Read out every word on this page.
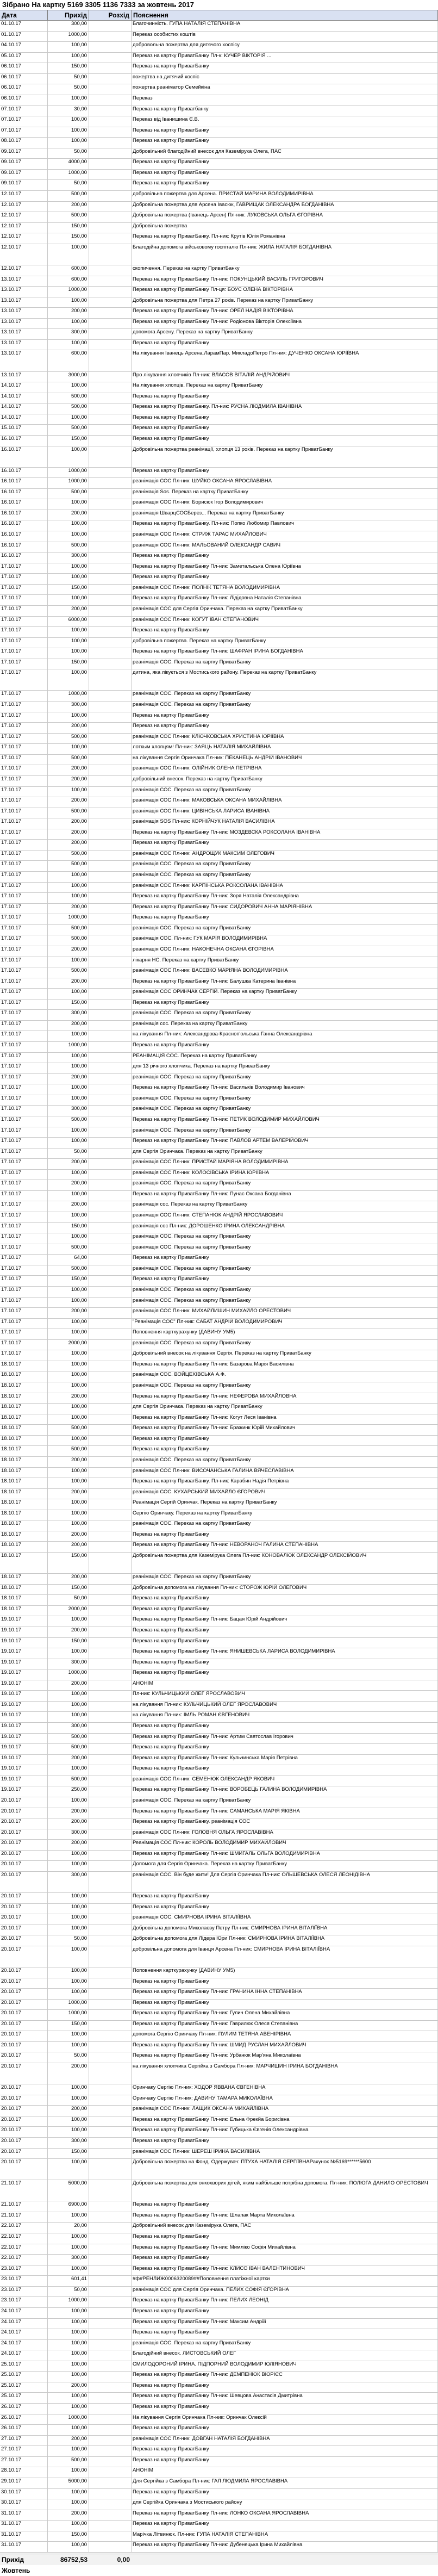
Зібрано На картку 5169 3305 1136 7333 за жовтень 2017
Дата	Прихід	Розхід Пояснення
01.10.17	300,00	Благочинність. ГУПА НАТАЛІЯ СТЕПАНІВНА
01.10.17	1000,00	Переказ особистих коштів
04.10.17	100,00	добровольна пожертва для дитячого хоспісу
05.10.17	100,00	Переказ на картку ПриватБанку Пл-к: КУЧЕР ВІКТОРІЯ ...
06.10.17	150,00	Переказ на картку ПриватБанку
06.10.17	50,00	пожертва на дитячий хоспіс
06.10.17	50,00	пожертва реаніматор Семейкіна
06.10.17	100,00	Переказ
07.10.17	30,00	Переказ на картку Приватбанку
07.10.17	100,00	Переказ від Іванишина Є.В.
07.10.17	100,00	Переказ на картку ПриватБанку
08.10.17	100,00	Переказ на картку ПриватБанку
09.10.17	50,00	Добровільний благодійний внесок для Каземірука Олега, ПАС
09.10.17	4000,00	Переказ на картку ПриватБанку
09.10.17	1000,00	Переказ на картку ПриватБанку
09.10.17	50,00	Переказ на картку ПриватБанку
12.10.17	500,00	добровільна пожертва для Арсена. ПРИСТАЙ МАРИНА ВОЛОДИМИРІВНА
12.10.17	200,00	Добровільна пожертва для Арсена Івасюк, ГАВРИЩАК ОЛЕКСАНДРА БОГДАНІВНА
12.10.17	500,00	Добровільна пожертва (Іванець Арсен) Пл-ник: ЛУКОВСЬКА ОЛЬГА ЄГОРІВНА
12.10.17	150,00	Добровільна пожертва
12.10.17	150,00	Переказ на картку ПриватБанку. Пл-ник: Крутів Юлія Романівна
12.10.17	100,00	Благодійна допомога військовому госпіталю Пл-ник: ЖИЛА НАТАЛІЯ БОГДАНІВНА
12.10.17	600,00	скопичення. Переказ на картку ПриватБанку
13.10.17	600,00	Переказ на картку ПриватБанку Пл-ник: ПОКУНЦЬКИЙ ВАСИЛЬ ГРИГОРОВИЧ
13.10.17	1000,00	Переказ на картку ПриватБанку Пл-ця: БОУС ОЛЕНА ВІКТОРІВНА
13.10.17	100,00	Добровільна пожертва для Петра 27 років. Переказ на картку ПриватБанку
13.10.17	200,00	Переказ на картку ПриватБанку Пл-ник: ОРЕЛ НАДІЯ ВІКТОРІВНА
13.10.17	100,00	Переказ на картку ПриватБанку Пл-ник: Родіонова Вікторія Олексіївна
13.10.17	300,00	допомога Арсену. Переказ на картку ПриватБанку
13.10.17	100,00	Переказ на картку ПриватБанку
13.10.17	600,00	На лікування Іванець Арсена.ЛарамПар. МикладоПетро Пл-ник: ДУЧЕНКО ОКСАНА ЮРІЇВНА
13.10.17	3000,00	Про лікування хлопчиків Пл-ник: ВЛАСОВ ВІТАЛІЙ АНДРІЙОВИЧ
14.10.17	100,00	На лікування хлопців. Переказ на картку ПриватБанку
14.10.17	500,00	Переказ на картку ПриватБанку
14.10.17	500,00	Переказ на картку ПриватБанку. Пл-ник: РУСНА ЛЮДМИЛА ІВАНІВНА
14.10.17	100,00	Переказ на картку ПриватБанку
15.10.17	500,00	Переказ на картку ПриватБанку
16.10.17	150,00	Переказ на картку ПриватБанку
16.10.17	100,00	Добровільна пожертва реанімації, хлопця 13 років. Переказ на картку ПриватБанку
16.10.17	1000,00	Переказ на картку ПриватБанку
16.10.17	1000,00	реанімація СОС Пл-ник: ШУЙКО ОКСАНА ЯРОСЛАВІВНА
16.10.17	500,00	реанімація Sos. Переказ на картку ПриватБанку
16.10.17	100,00	реанімація СОС Пл-ник: Борисюк Ігор Володимирович
16.10.17	200,00	реанімація ШварцСОСБерез... Переказ на картку ПриватБанку
16.10.17	100,00	Переказ на картку ПриватБанку. Пл-ник: Попко Любомир Павлович
16.10.17	100,00	реанімація СОС Пл-ник: СТРИЖ ТАРАС МИХАЙЛОВИЧ
16.10.17	500,00	реанімація СОС Пл-ник: МАЛЬОВАНИЙ ОЛЕКСАНДР САВИЧ
16.10.17	300,00	Переказ на картку ПриватБанку
17.10.17	100,00	Переказ на картку ПриватБанку Пл-ник: Заметальська Олена Юріївна
17.10.17	100,00	Переказ на картку ПриватБанку
17.10.17	150,00	реанімація СОС Пл-ник: ПОЛНІК ТЕТЯНА ВОЛОДИМИРІВНА
17.10.17	100,00	Переказ на картку ПриватБанку Пл-ник: Лідідовна Наталія Степанівна
17.10.17	200,00	реанімація СОС для Сергія Оринчака. Переказ на картку ПриватБанку
17.10.17	6000,00	реанімація СОС Пл-ник: КОГУТ ІВАН СТЕПАНОВИЧ
17.10.17	100,00	Переказ на картку ПриватБанку
17.10.17	100,00	добровільна пожертва. Переказ на картку ПриватБанку
17.10.17	100,00	Переказ на картку ПриватБанку Пл-ник: ШАФРАН ІРИНА БОГДАНІВНА
17.10.17	150,00	реанімація СОС. Переказ на картку ПриватБанку
17.10.17	100,00	дитина, яка лікується з Мостиського району. Переказ на картку ПриватБанку
17.10.17	1000,00	реанімація СОС. Переказ на картку ПриватБанку
17.10.17	300,00	реанімація СОС. Переказ на картку ПриватБанку
17.10.17	100,00	Переказ на картку ПриватБанку
17.10.17	200,00	Переказ на картку ПриватБанку
17.10.17	500,00	реанімація СОС Пл-ник: КЛЮЧКОВСЬКА ХРИСТИНА ЮРІЇВНА
17.10.17	100,00	лоткым хлопцям! Пл-ник: ЗАЯЦЬ НАТАЛІЯ МИХАЙЛІВНА
17.10.17	500,00	на лікування Сергія Оринчака Пл-ник: ПЕКАНЕЦЬ АНДРІЙ ІВАНОВИЧ
17.10.17	200,00	реанімація СОС Пл-ник: ОЛІЙНИК ОЛЕНА ПЕТРІВНА
17.10.17	200,00	добровільний внесок. Переказ на картку ПриватБанку
17.10.17	100,00	реанімація СОС. Переказ на картку ПриватБанку
17.10.17	200,00	реанімація СОС Пл-ник: МАКОВСЬКА ОКСАНА МИХАЙЛІВНА
17.10.17	500,00	реанімація СОС Пл-ник: ЦИВІНСЬКА ЛАРИСА ІВАНІВНА
17.10.17	200,00	реанімація SOS Пл-ник: КОРНІЙЧУК НАТАЛІЯ ВАСИЛІВНА
17.10.17	200,00	Переказ на картку ПриватБанку Пл-ник: МОЗДЕВСКА РОКСОЛАНА ІВАНІВНА
17.10.17	200,00	Переказ на картку ПриватБанку
17.10.17	500,00	реанімація СОС Пл-ник: АНДРОЩУК МАКСИМ ОЛЕГОВИЧ
17.10.17	500,00	реанімація СОС. Переказ на картку ПриватБанку
17.10.17	100,00	реанімація СОС. Переказ на картку ПриватБанку
17.10.17	100,00	реанімація СОС Пл-ник: КАРПІНСЬКА РОКСОЛАНА ІВАНІВНА
17.10.17	100,00	Переказ на картку ПриватБанку Пл-ник: Зоря Наталія Олександрівна
17.10.17	200,00	Переказ на картку ПриватБанку Пл-ник: СИДОРОВИЧ АННА МАРІЯНІВНА
17.10.17	1000,00	Переказ на картку ПриватБанку
17.10.17	500,00	реанімація СОС. Переказ на картку ПриватБанку
17.10.17	500,00	реанімація СОС. Пл-ник: ГУК МАРІЯ ВОЛОДИМИРІВНА
17.10.17	200,00	реанімація СОС Пл-ник: НАКОНЕЧНА ОКСАНА ЄГОРІВНА
17.10.17	100,00	лікарня НС. Переказ на картку ПриватБанку
17.10.17	500,00	реанімація СОС Пл-ник: ВАСЕВКО МАРІЯНА ВОЛОДИМИРІВНА
17.10.17	200,00	Переказ на картку ПриватБанку Пл-ник: Балушка Катерина Іванівна
17.10.17	100,00	реанімація СОС ОРИНЧАК СЕРГІЙ. Переказ на картку ПриватБанку
17.10.17	150,00	Переказ на картку ПриватБанку
17.10.17	300,00	реанімація СОС. Переказ на картку ПриватБанку
17.10.17	200,00	реанімація сос. Переказ на картку ПриватБанку
17.10.17	100,00	на лікування Пл-ник: Александрова-Красноп'ольська Ганна Олександрівна
17.10.17	1000,00	Переказ на картку ПриватБанку
17.10.17	100,00	РЕАНІМАЦІЯ СОС. Переказ на картку ПриватБанку
17.10.17	100,00	для 13 річного хлопчика. Переказ на картку ПриватБанку
17.10.17	200,00	реанімація СОС. Переказ на картку ПриватБанку
17.10.17	100,00	Переказ на картку ПриватБанку Пл-ник: Васильків Володимир Іванович
17.10.17	100,00	реанімація СОС. Переказ на картку ПриватБанку
17.10.17	300,00	реанімація СОС. Переказ на картку ПриватБанку
17.10.17	500,00	Переказ на картку ПриватБанку Пл-ник: ПЕТИК ВОЛОДИМИР МИХАЙЛОВИЧ
17.10.17	100,00	реанімація СОС. Переказ на картку ПриватБанку
17.10.17	100,00	Переказ на картку ПриватБанку Пл-ник: ПАВЛОВ АРТЕМ ВАЛЕРІЙОВИЧ
17.10.17	50,00	для Сергія Оринчака. Переказ на картку ПриватБанку
17.10.17	200,00	реанімація СОС Пл-ник: ПРИСТАЙ МАРІЯНА ВОЛОДИМИРІВНА
17.10.17	100,00	реанімація СОС Пл-ник: КОЛОСІВСЬКА ІРИНА ЮРІЇВНА
17.10.17	200,00	реанімація СОС. Переказ на картку ПриватБанку
17.10.17	100,00	Переказ на картку ПриватБанку Пл-ник: Пунас Оксана Богданівна
17.10.17	200,00	реанімація сос. Переказ на картку ПриватБанку
17.10.17	100,00	реанімація СОС Пл-ник: СТЕПАНЮК АНДРІЙ ЯРОСЛАВОВИЧ
17.10.17	150,00	реанімація сос Пл-ник: ДОРОШЕНКО ІРИНА ОЛЕКСАНДРІВНА
17.10.17	100,00	реанімація СОС. Переказ на картку ПриватБанку
17.10.17	500,00	реанімація СОС. Переказ на картку ПриватБанку
17.10.17	64,00	Переказ на картку ПриватБанку
17.10.17	500,00	реанімація СОС. Переказ на картку ПриватБанку
17.10.17	150,00	Переказ на картку ПриватБанку
17.10.17	100,00	реанімація СОС. Переказ на картку ПриватБанку
17.10.17	100,00	реанімація СОС. Переказ на картку ПриватБанку
17.10.17	200,00	реанімація СОС Пл-ник: МИХАЙЛИШИН МИХАЙЛО ОРЕСТОВИЧ
17.10.17	100,00	"Реанімація СОС" Пл-ник: САБАТ АНДРІЙ ВОЛОДИМИРОВИЧ
17.10.17	100,00	Поповнення карткурахунку (ДАВИНУ УМ5)
17.10.17	2000,00	реанімація СОС. Переказ на картку ПриватБанку
17.10.17	100,00	Добровільний внесок на лікування Сергія. Переказ на картку ПриватБанку
18.10.17	100,00	Переказ на картку ПриватБанку Пл-ник: Базарова Марія Василівна
18.10.17	100,00	реанімація СОС. ВОЙЦЕХІВСЬКА А.Ф.
18.10.17	100,00	реанімація СОС. Переказ на картку ПриватБанку
18.10.17	200,00	Переказ на картку ПриватБанку Пл-ник: НЕФЕРОВА МИХАЙЛОВНА
18.10.17	100,00	для Сергія Оринчака. Переказ на картку ПриватБанку
18.10.17	100,00	Переказ на картку ПриватБанку Пл-ник: Когут Леся Іванівна
18.10.17	500,00	Переказ на картку ПриватБанку Пл-ник: Бражинк Юрій Михайлович
18.10.17	100,00	Переказ на картку ПриватБанку
18.10.17	500,00	Переказ на картку ПриватБанку
18.10.17	200,00	реанімація СОС. Переказ на картку ПриватБанку
18.10.17	100,00	реанімація СОС Пл-ник: ВИСОЧАНСЬКА ГАЛИНА ВЯЧЕСЛАВІВНА
18.10.17	100,00	Переказ на картку ПриватБанку. Пл-ник: Карабин Надія Петрівна
18.10.17	200,00	реанімація СОС. КУХАРСЬКИЙ МИХАЙЛО ЄГОРОВИЧ
18.10.17	100,00	Реанімація Сергій Оринчак. Переказ на картку ПриватБанку
18.10.17	100,00	Сергію Оринчаку. Переказ на картку ПриватБанку
18.10.17	100,00	реанімація СОС. Переказ на картку ПриватБанку
18.10.17	200,00	Переказ на картку ПриватБанку
18.10.17	200,00	Переказ на картку ПриватБанку Пл-ник: НЕВОРАНОЧ ГАЛИНА СТЕПАНІВНА
18.10.17	150,00	Добровільна пожертва для Каземірука Олега Пл-ник: КОНОВАЛЮК ОЛЕКСАНДР ОЛЕКСІЙОВИЧ
18.10.17	200,00	реанімація СОС. Переказ на картку ПриватБанку
18.10.17	150,00	Добровільна допомога на лікування Пл-ник: СТОРОЖ ЮРІЙ ОЛЕГОВИЧ
18.10.17	50,00	Переказ на картку ПриватБанку
18.10.17	2000,00	Переказ на картку ПриватБанку
19.10.17	100,00	Переказ на картку ПриватБанку Пл-ник: Бацая Юрій Андрійович
19.10.17	200,00	Переказ на картку ПриватБанку
19.10.17	150,00	Переказ на картку ПриватБанку
19.10.17	100,00	Переказ на картку ПриватБанку Пл-ник: ЯНИШЕВСЬКА ЛАРИСА ВОЛОДИМИРІВНА
19.10.17	300,00	Переказ на картку ПриватБанку
19.10.17	1000,00	Переказ на картку ПриватБанку
19.10.17	200,00	АНОНІМ
19.10.17	100,00	Пл-ник: КУЛЬЧИЦЬКИЙ ОЛЕГ ЯРОСЛАВОВИЧ
19.10.17	100,00	на лікування Пл-ник: КУЛЬЧИЦЬКИЙ ОЛЕГ ЯРОСЛАВОВИЧ
19.10.17	100,00	на лікування Пл-ник: ІМЛЬ РОМАН ЄВГЕНОВИЧ
19.10.17	300,00	Переказ на картку ПриватБанку
19.10.17	500,00	Переказ на картку ПриватБанку Пл-ник: Артим Святослав Ігорович
19.10.17	500,00	Переказ на картку ПриватБанку
19.10.17	200,00	Переказ на картку ПриватБанку Пл-ник: Кульчинська Марія Петрівна
19.10.17	100,00	Переказ на картку ПриватБанку
19.10.17	500,00	реанімація СОС Пл-ник: СЕМЕНЮК ОЛЕКСАНДР ЯКОВИЧ
19.10.17	250,00	Переказ на картку ПриватБанку Пл-ник: ВОРОБЕЦЬ ГАЛИНА ВОЛОДИМИРІВНА
20.10.17	100,00	реанімація СОС. Переказ на картку ПриватБанку
20.10.17	200,00	Переказ на картку ПриватБанку Пл-ник: САМАНСЬКА МАРІЯ ЯКІВНА
20.10.17	200,00	Переказ на картку ПриватБанку. реанімація СОС
20.10.17	300,00	реанімація СОС Пл-ник: ГОЛОВНЯ ОЛЬГА ЯРОСЛАВІВНА
20.10.17	200,00	Реанімація СОС Пл-ник: КОРОЛЬ ВОЛОДИМИР МИХАЙЛОВИЧ
20.10.17	100,00	Переказ на картку ПриватБанку Пл-ник: ШМИГАЛЬ ОЛЬГА ВОЛОДИМИРІВНА
20.10.17	100,00	Допомога для Сергія Оринчака. Переказ на картку ПриватБанку
20.10.17	300,00	реанімація СОС. Він буде жити! Для Сергія Оринчака Пл-ник: ОЛЬШЕВСЬКА ОЛЕСЯ ЛЕОНІДІВНА
20.10.17	100,00	Переказ на картку ПриватБанку
20.10.17	100,00	Переказ на картку ПриватБанку
20.10.17	100,00	реанімація СОС. СМИРНОВА ІРИНА ВІТАЛІЇВНА
20.10.17	100,00	Добровільна допомога Миколаєву Петру Пл-ник: СМИРНОВА ІРИНА ВІТАЛІЇВНА
20.10.17	50,00	Добровільна допомога для Лідера Юри Пл-ник: СМИРНОВА ІРИНА ВІТАЛІЇВНА
20.10.17	100,00	добровільна допомога для Іванця Арсена Пл-ник: СМИРНОВА ІРИНА ВІТАЛІЇВНА
20.10.17	100,00	Поповнення карткурахунку (ДАВИНУ УМ5)
20.10.17	100,00	Переказ на картку ПриватБанку
20.10.17	100,00	Переказ на картку ПриватБанку Пл-ник: ГРАНИНА ІННА СТЕПАНІВНА
20.10.17	1000,00	Переказ на картку ПриватБанку
20.10.17	1000,00	Переказ на картку ПриватБанку Пл-ник: Гулич Олена Михайлівна
20.10.17	150,00	Переказ на картку ПриватБанку Пл-ник: Гаврилюк Олеся Степанівна
20.10.17	100,00	допомога Сергію Оринчаку Пл-ник: ПУЛИМ ТЕТЯНА АВЕНІРІВНА
20.10.17	100,00	Переказ на картку ПриватБанку Пл-ник: ШМИД РУСЛАН МИХАЙЛОВИЧ
20.10.17	50,00	Переказ на картку ПриватБанку Пл-ник: Урбанюк Мар'яна Миколаївна
20.10.17	200,00	на лікування хлопчика Сергійка з Самбора Пл-ник: МАРЧИШИН ІРИНА БОГДАНІВНА
20.10.17	100,00	Оринчаку Сергію Пл-ник: ХОДОР ЯВВАНА ЄВГЕНІВНА
20.10.17	100,00	Оринчаку Сергію Пл-ник: ДАВИНУ ТАМАРА МИКОЛАЇВНА
20.10.17	200,00	реанімація СОС Пл-ник: ЛАЩИК ОКСАНА МИХАЙЛІВНА
20.10.17	100,00	Переказ на картку ПриватБанку Пл-ник: Ельна Фрекйа Борисівна
20.10.17	100,00	Переказ на картку ПриватБанку Пл-ник: Губицька Євгенія Олександрівна
20.10.17	300,00	Переказ на картку ПриватБанку
20.10.17	150,00	реанімація СОС Пл-ник: ШЕРЕШ ІРИНА ВАСИЛІВНА
20.10.17	100,00	Добровільна пожертва на Фонд. Одержувач: ПТУХА НАТАЛІЯ СЕРГІЇВНАРахунок №5169******5600
21.10.17	5000,00	Добровільна пожертва для онкохворих дітей, яким найбільше потрібна допомога. Пл-ник: ПОЛЮГА ДАНИЛО ОРЕСТОВИЧ
21.10.17	6900,00	Переказ на картку ПриватБанку
21.10.17	100,00	Переказ на картку ПриватБанку Пл-ник: Шлапак Марта Миколаївна
22.10.17	20,00	Добровільний внесок для Каземірука Олега, ПАС
22.10.17	100,00	Переказ на картку ПриватБанку
22.10.17	100,00	Переказ на картку ПриватБанку Пл-ник: Мимліко Софія Михайлівна
22.10.17	300,00	Переказ на картку ПриватБанку
23.10.17	100,00	Переказ на картку ПриватБанку Пл-ник: КЛИСО ІВАН ВАЛЕНТИНОВИЧ
23.10.17	601,41	#ф#РЕНЛИЖ0006320089##Поповнення платіжної картки
23.10.17	50,00	реанімація СОС для Сергія Оринчака. ПЕЛИХ СОФІЯ ЄГОРІВНА
23.10.17	1000,00	Переказ на картку ПриватБанку Пл-ник: ПЕЛИХ ЛЕОНІД
24.10.17	100,00	Переказ на картку ПриватБанку
24.10.17	100,00	Переказ на картку ПриватБанку Пл-ник: Максим Андрій
24.10.17	100,00	Переказ на картку ПриватБанку
24.10.17	100,00	реанімація СОС. Переказ на картку ПриватБанку
24.10.17	100,00	Благодійний внесок. ЛИСТОВСЬКИЙ ОЛЕГ
25.10.17	100,00	СМИЛОДОРОНИЙ ІРИНА. ПІДПОРНИЙ ВОЛОДИМИР ЮЛІЯНОВИЧ
25.10.17	100,00	Переказ на картку ПриватБанку Пл-ник: ДЕМПЕНЮК ВЮРІЄС
25.10.17	200,00	Переказ на картку ПриватБанку
25.10.17	100,00	Переказ на картку ПриватБанку Пл-ник: Шевцова Анастасія Дмитрівна
26.10.17	100,00	Переказ на картку ПриватБанку
26.10.17	1000,00	На лікування Сергія Оринчака Пл-ник: Оринчак Олексій
26.10.17	100,00	Переказ на картку ПриватБанку
27.10.17	200,00	реанімація СОС Пл-ник: ДОВГАН НАТАЛІЯ БОГДАНІВНА
27.10.17	100,00	Переказ на картку ПриватБанку
27.10.17	500,00	Переказ на картку ПриватБанку
28.10.17	100,00	АНОНІМ
29.10.17	5000,00	Для Сергійка з Самбора Пл-ник: ГАЛ ЛЮДМИЛА ЯРОСЛАВІВНА
30.10.17	100,00	Переказ на картку ПриватБанку
30.10.17	100,00	для Сергійка Оринчака з Мостиського району
31.10.17	200,00	Переказ на картку ПриватБанку Пл-ник: ЛОНКО ОКСАНА ЯРОСЛАВІВНА
31.10.17	100,00	Переказ на картку ПриватБанку
31.10.17	150,00	Марічка Літвинюк. Пл-ник: ГУПА НАТАЛІЯ СТЕПАНІВНА
31.10.17	100,00	Переказ на картку ПриватБанку Пл-ник: Дубенецька Ірина Михайлівна
Прихід Жовтень
86752,53	0,00
